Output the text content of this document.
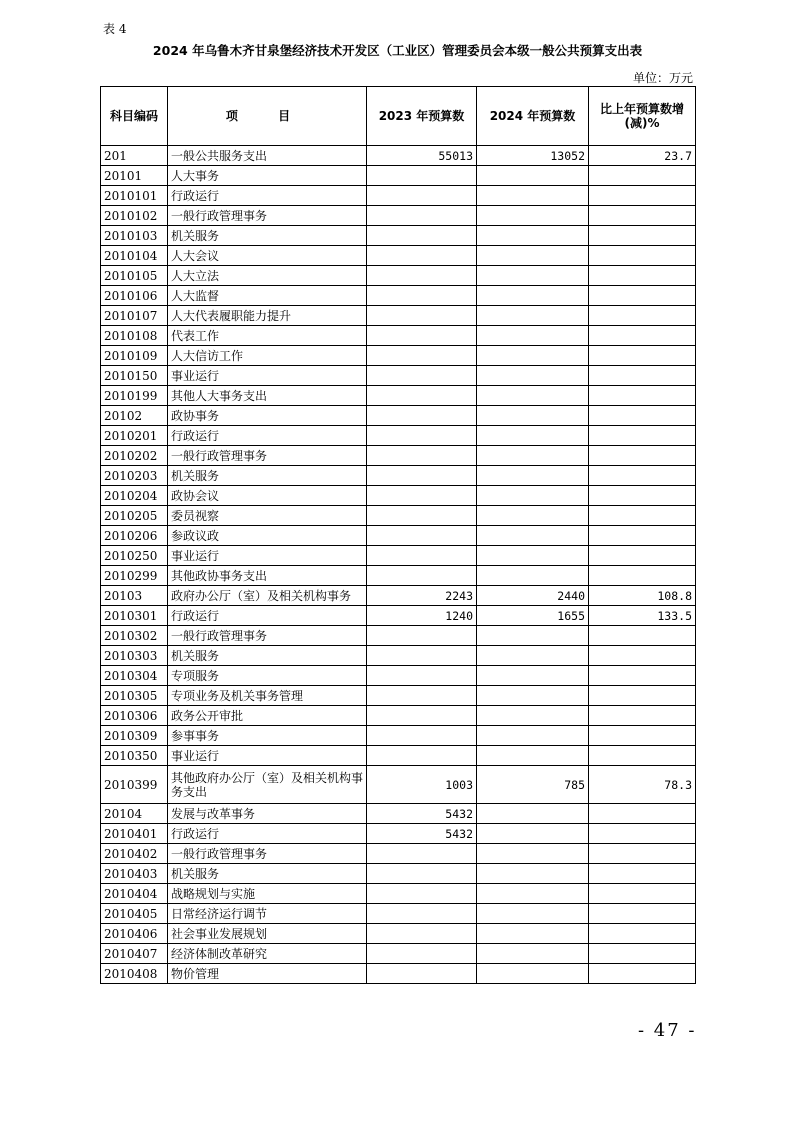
表 4
2024 年乌鲁木齐甘泉堡经济技术开发区（工业区）管理委员会本级一般公共预算支出表
单位：万元
科目编码	项 目	2023 年预算数	2024 年预算数	比上年预算数增(减)%
201	一般公共服务支出	55013	13052	23.7
20101	人大事务			
2010101	行政运行			
2010102	一般行政管理事务			
2010103	机关服务			
2010104	人大会议			
2010105	人大立法			
2010106	人大监督			
2010107	人大代表履职能力提升			
2010108	代表工作			
2010109	人大信访工作			
2010150	事业运行			
2010199	其他人大事务支出			
20102	政协事务			
2010201	行政运行			
2010202	一般行政管理事务			
2010203	机关服务			
2010204	政协会议			
2010205	委员视察			
2010206	参政议政			
2010250	事业运行			
2010299	其他政协事务支出			
20103	政府办公厅（室）及相关机构事务	2243	2440	108.8
2010301	行政运行	1240	1655	133.5
2010302	一般行政管理事务			
2010303	机关服务			
2010304	专项服务			
2010305	专项业务及机关事务管理			
2010306	政务公开审批			
2010309	参事事务			
2010350	事业运行			
2010399	其他政府办公厅（室）及相关机构事务支出	1003	785	78.3
20104	发展与改革事务	5432		
2010401	行政运行	5432		
2010402	一般行政管理事务			
2010403	机关服务			
2010404	战略规划与实施			
2010405	日常经济运行调节			
2010406	社会事业发展规划			
2010407	经济体制改革研究			
2010408	物价管理			
- 47 -
